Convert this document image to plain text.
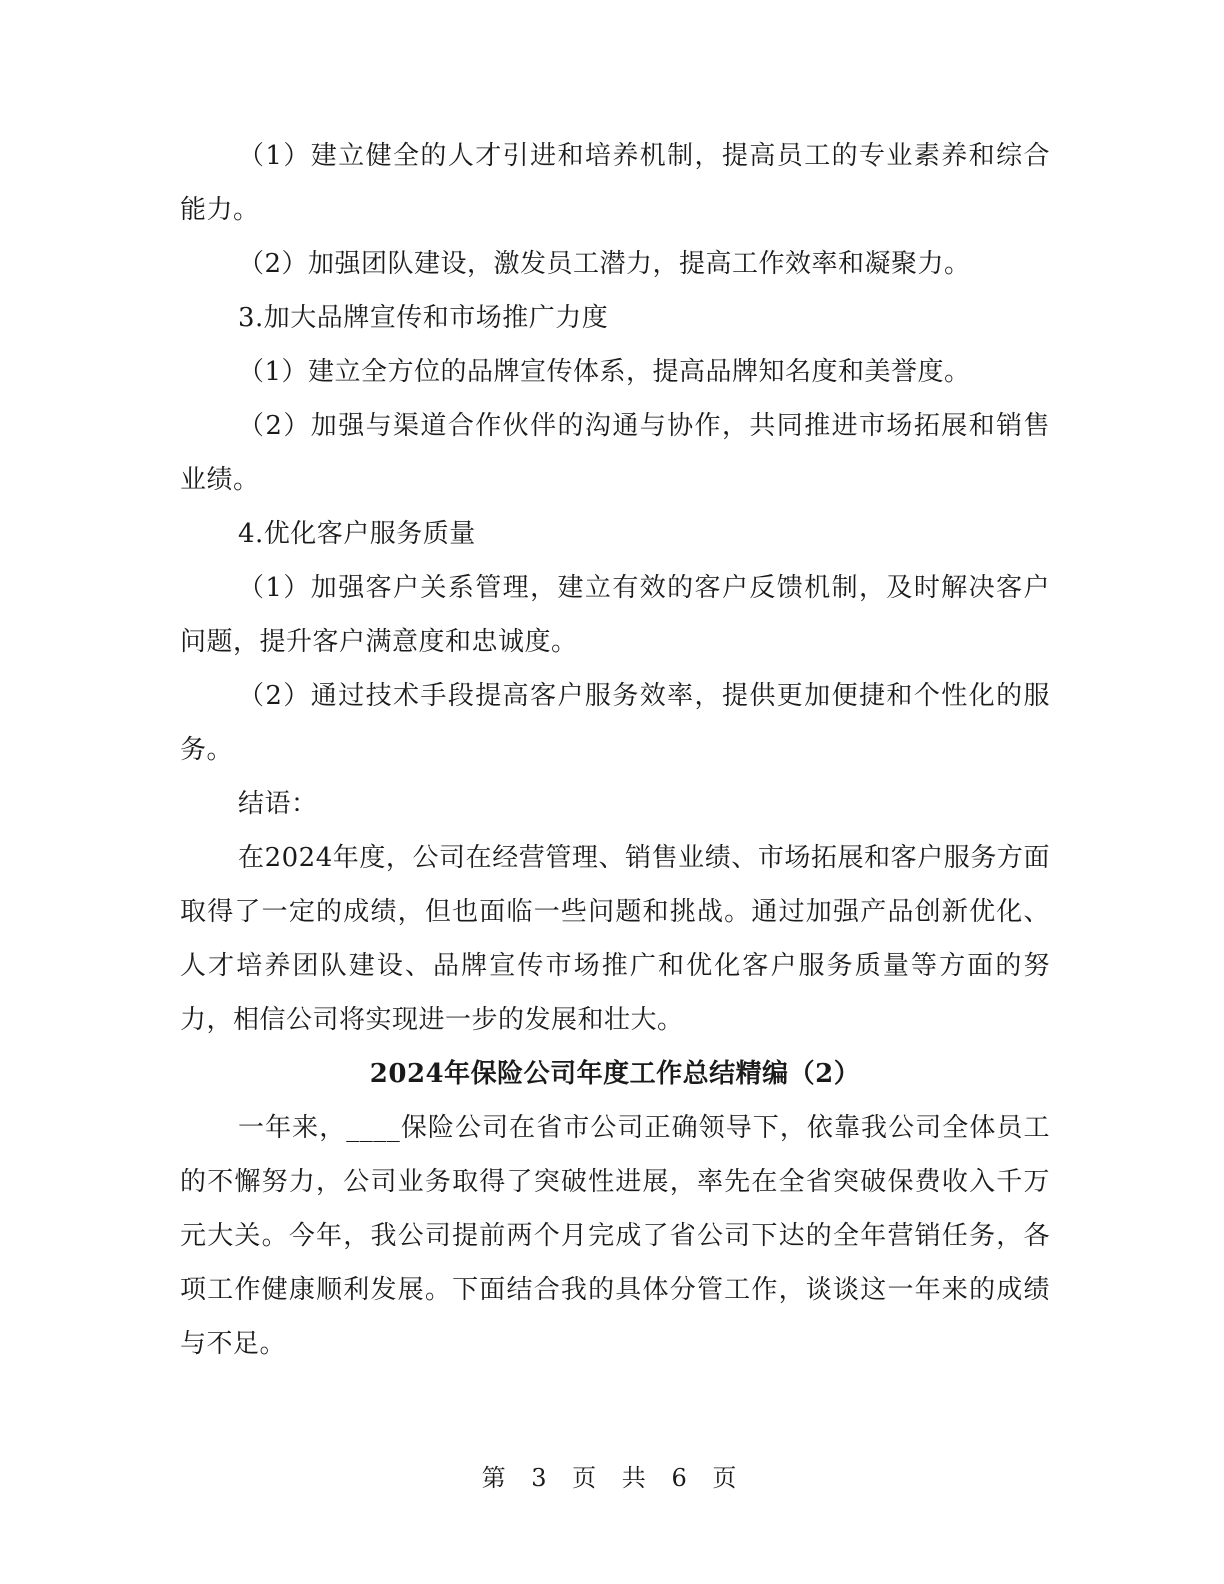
（1）建立健全的人才引进和培养机制，提高员工的专业素养和综合能力。

（2）加强团队建设，激发员工潜力，提高工作效率和凝聚力。

3.加大品牌宣传和市场推广力度

（1）建立全方位的品牌宣传体系，提高品牌知名度和美誉度。

（2）加强与渠道合作伙伴的沟通与协作，共同推进市场拓展和销售业绩。

4.优化客户服务质量

（1）加强客户关系管理，建立有效的客户反馈机制，及时解决客户问题，提升客户满意度和忠诚度。

（2）通过技术手段提高客户服务效率，提供更加便捷和个性化的服务。

结语：

在2024年度，公司在经营管理、销售业绩、市场拓展和客户服务方面取得了一定的成绩，但也面临一些问题和挑战。通过加强产品创新优化、人才培养团队建设、品牌宣传市场推广和优化客户服务质量等方面的努力，相信公司将实现进一步的发展和壮大。

2024年保险公司年度工作总结精编（2）

一年来，____保险公司在省市公司正确领导下，依靠我公司全体员工的不懈努力，公司业务取得了突破性进展，率先在全省突破保费收入千万元大关。今年，我公司提前两个月完成了省公司下达的全年营销任务，各项工作健康顺利发展。下面结合我的具体分管工作，谈谈这一年来的成绩与不足。

第 3 页 共 6 页
